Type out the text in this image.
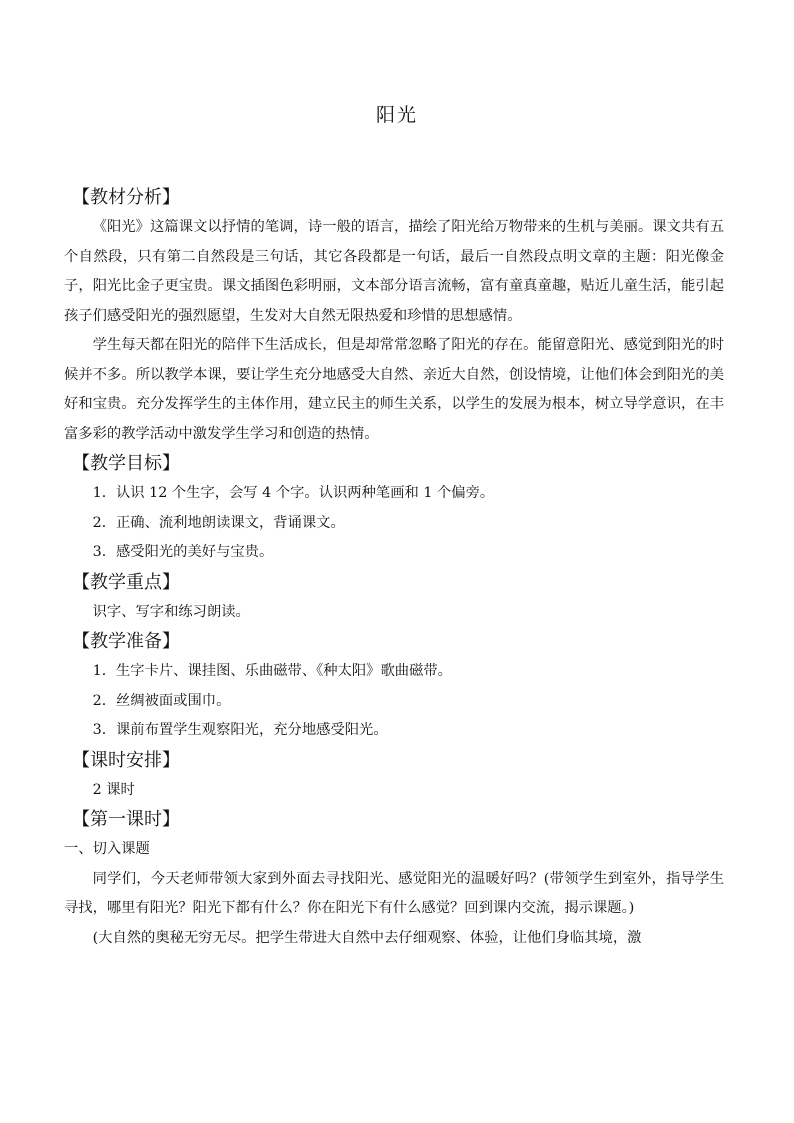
阳光
【教材分析】

《阳光》这篇课文以抒情的笔调，诗一般的语言，描绘了阳光给万物带来的生机与美丽。课文共有五个自然段，只有第二自然段是三句话，其它各段都是一句话，最后一自然段点明文章的主题：阳光像金子，阳光比金子更宝贵。课文插图色彩明丽，文本部分语言流畅，富有童真童趣，贴近儿童生活，能引起孩子们感受阳光的强烈愿望，生发对大自然无限热爱和珍惜的思想感情。

学生每天都在阳光的陪伴下生活成长，但是却常常忽略了阳光的存在。能留意阳光、感觉到阳光的时候并不多。所以教学本课，要让学生充分地感受大自然、亲近大自然，创设情境，让他们体会到阳光的美好和宝贵。充分发挥学生的主体作用，建立民主的师生关系，以学生的发展为根本，树立导学意识，在丰富多彩的教学活动中激发学生学习和创造的热情。

【教学目标】

1．认识 12 个生字，会写 4 个字。认识两种笔画和 1 个偏旁。

2．正确、流利地朗读课文，背诵课文。

3．感受阳光的美好与宝贵。

【教学重点】

识字、写字和练习朗读。

【教学准备】

1．生字卡片、课挂图、乐曲磁带、《种太阳》歌曲磁带。

2．丝绸被面或围巾。

3．课前布置学生观察阳光，充分地感受阳光。

【课时安排】

2 课时

【第一课时】

一、切入课题

同学们，今天老师带领大家到外面去寻找阳光、感觉阳光的温暖好吗？(带领学生到室外，指导学生寻找，哪里有阳光？阳光下都有什么？你在阳光下有什么感觉？回到课内交流，揭示课题。)

(大自然的奥秘无穷无尽。把学生带进大自然中去仔细观察、体验，让他们身临其境，激
